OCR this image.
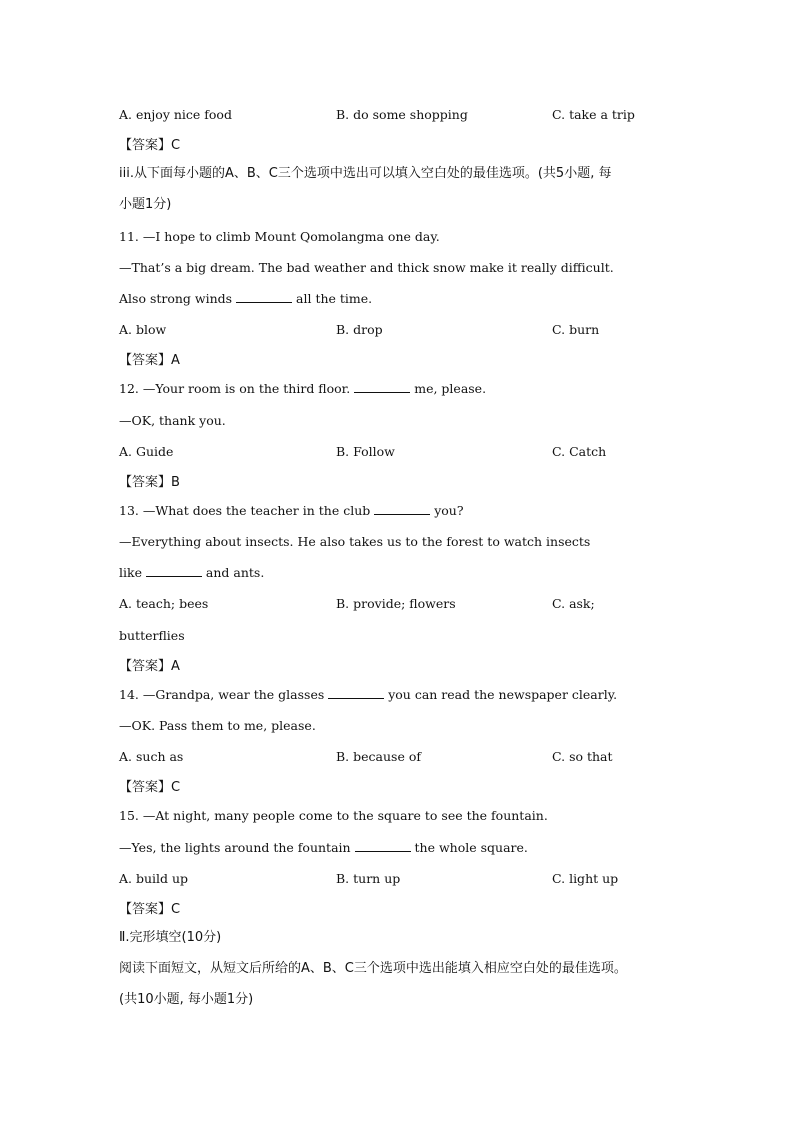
A. enjoy nice food	B. do some shopping	C. take a trip
【答案】C
iii.从下面每小题的A、B、C三个选项中选出可以填入空白处的最佳选项。(共5小题, 每
小题1分)
11. —I hope to climb Mount Qomolangma one day.
—That’s a big dream. The bad weather and thick snow make it really difficult.
Also strong winds	all the time.
A. blow	B. drop	C. burn
【答案】A
12. —Your room is on the third floor.	me, please.
—OK, thank you.
A. Guide	B. Follow	C. Catch
【答案】B
13. —What does the teacher in the club	you?
—Everything about insects. He also takes us to the forest to watch insects
like	and ants.
A. teach; bees	B. provide; flowers	C. ask;
butterflies
【答案】A
14. —Grandpa, wear the glasses	you can read the newspaper clearly.
—OK. Pass them to me, please.
A. such as	B. because of	C. so that
【答案】C
15. —At night, many people come to the square to see the fountain.
—Yes, the lights around the fountain	the whole square.
A. build up	B. turn up	C. light up
【答案】C
Ⅱ.完形填空(10分)
阅读下面短文，从短文后所给的A、B、C三个选项中选出能填入相应空白处的最佳选项。
(共10小题, 每小题1分)
